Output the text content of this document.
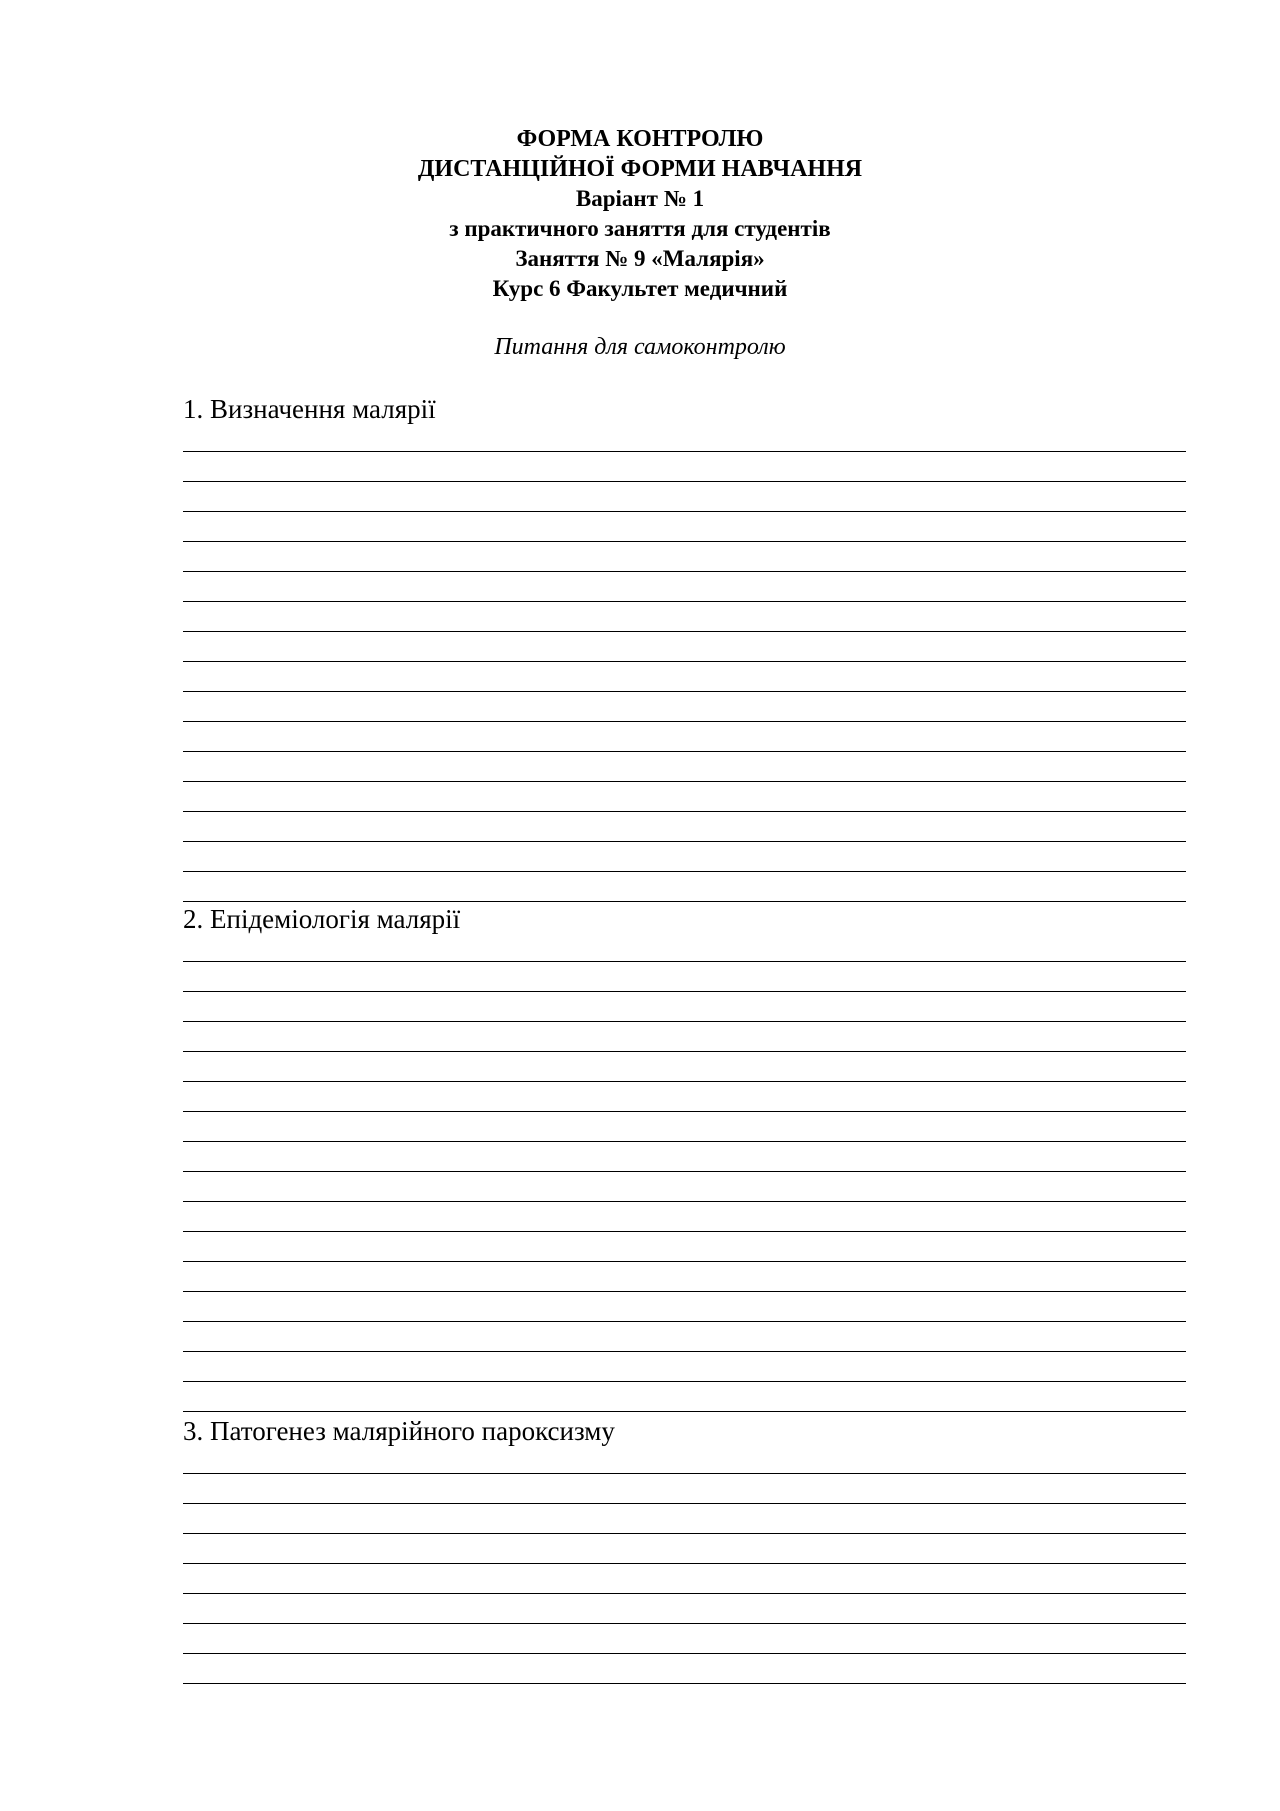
ФОРМА КОНТРОЛЮ
ДИСТАНЦІЙНОЇ ФОРМИ НАВЧАННЯ
Варіант № 1
з практичного заняття для студентів
Заняття № 9 «Малярія»
Курс 6 Факультет медичний
Питання для самоконтролю
1. Визначення малярії
2. Епідеміологія малярії
3. Патогенез малярійного пароксизму
